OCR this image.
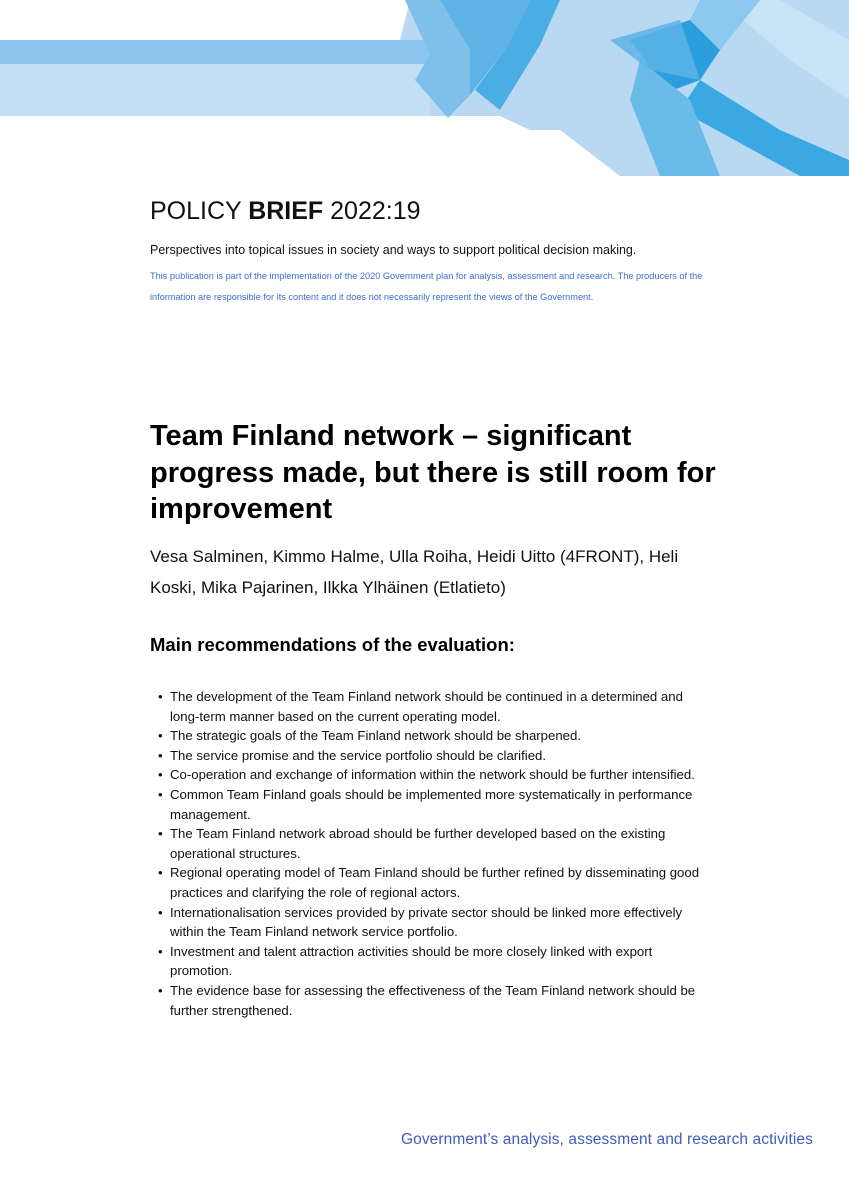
POLICY BRIEF 2022:19
Perspectives into topical issues in society and ways to support political decision making.
This publication is part of the implementation of the 2020 Government plan for analysis, assessment and research. The producers of the information are responsible for its content and it does not necessarily represent the views of the Government.
Team Finland network – significant progress made, but there is still room for improvement
Vesa Salminen, Kimmo Halme, Ulla Roiha, Heidi Uitto (4FRONT), Heli Koski, Mika Pajarinen, Ilkka Ylhäinen (Etlatieto)
Main recommendations of the evaluation:
• The development of the Team Finland network should be continued in a determined and long-term manner based on the current operating model.
• The strategic goals of the Team Finland network should be sharpened.
• The service promise and the service portfolio should be clarified.
• Co-operation and exchange of information within the network should be further intensified.
• Common Team Finland goals should be implemented more systematically in performance management.
• The Team Finland network abroad should be further developed based on the existing operational structures.
• Regional operating model of Team Finland should be further refined by disseminating good practices and clarifying the role of regional actors.
• Internationalisation services provided by private sector should be linked more effectively within the Team Finland network service portfolio.
• Investment and talent attraction activities should be more closely linked with export promotion.
• The evidence base for assessing the effectiveness of the Team Finland network should be further strengthened.
Government’s analysis, assessment and research activities
